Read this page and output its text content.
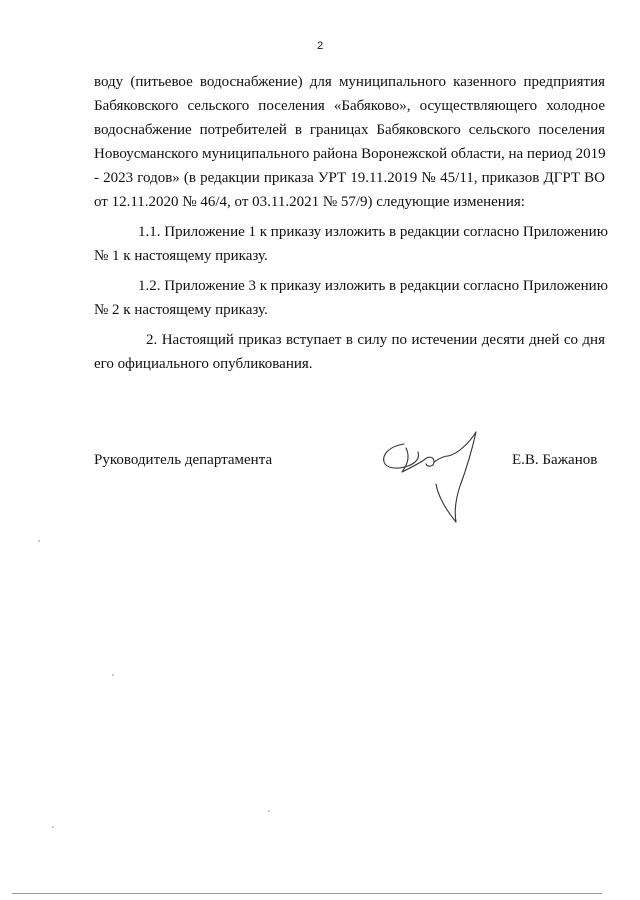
2

воду (питьевое водоснабжение) для муниципального казенного предприятия
Бабяковского сельского поселения «Бабяково», осуществляющего холодное
водоснабжение потребителей в границах Бабяковского сельского поселения
Новоусманского муниципального района Воронежской области, на период 2019
- 2023 годов» (в редакции приказа УРТ 19.11.2019 № 45/11, приказов ДГРТ ВО
от 12.11.2020 № 46/4, от 03.11.2021 № 57/9) следующие изменения:

1.1. Приложение 1 к приказу изложить в редакции согласно Приложению
№ 1 к настоящему приказу.

1.2. Приложение 3 к приказу изложить в редакции согласно Приложению
№ 2 к настоящему приказу.

2. Настоящий приказ вступает в силу по истечении десяти дней со дня
его официального опубликования.

Руководитель департамента	Е.В. Бажанов
